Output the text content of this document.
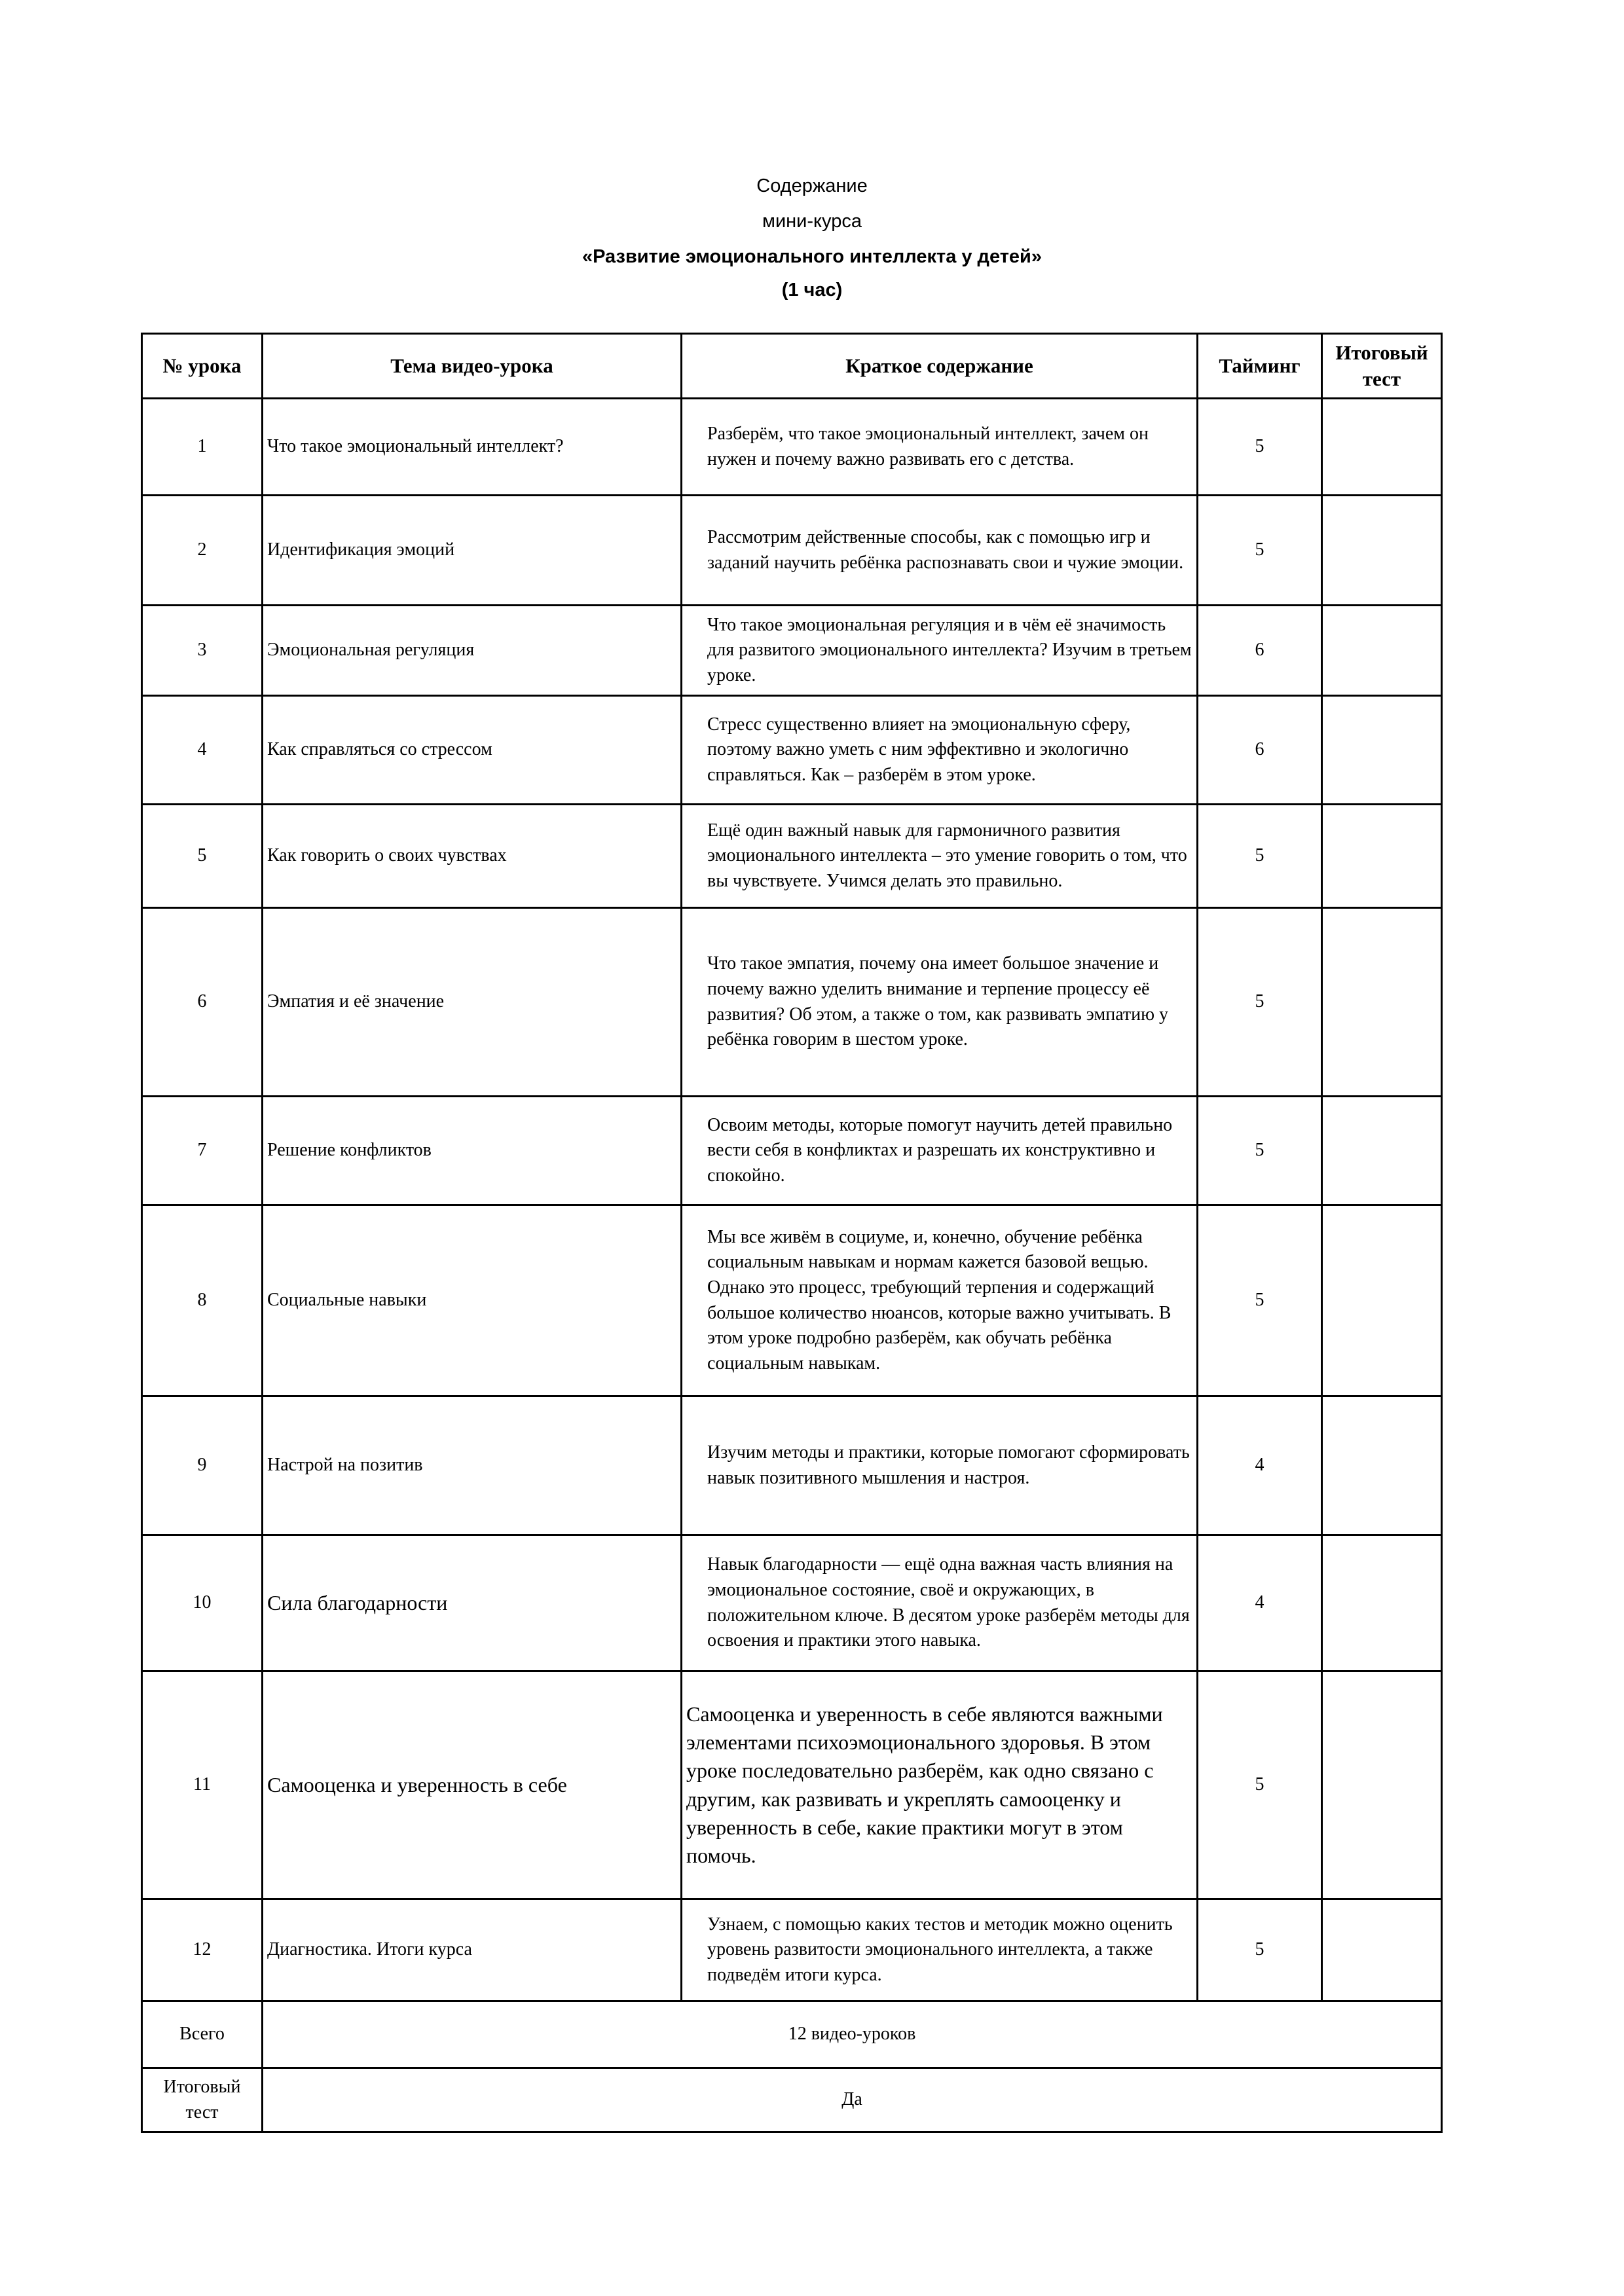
Содержание
мини-курса
«Развитие эмоционального интеллекта у детей»
(1 час)
№ урока	Тема видео-урока	Краткое содержание	Тайминг	Итоговый тест
1	Что такое эмоциональный интеллект?	Разберём, что такое эмоциональный интеллект, зачем он нужен и почему важно развивать его с детства.	5	
2	Идентификация эмоций	Рассмотрим действенные способы, как с помощью игр и заданий научить ребёнка распознавать свои и чужие эмоции.	5	
3	Эмоциональная регуляция	Что такое эмоциональная регуляция и в чём её значимость для развитого эмоционального интеллекта? Изучим в третьем уроке.	6	
4	Как справляться со стрессом	Стресс существенно влияет на эмоциональную сферу, поэтому важно уметь с ним эффективно и экологично справляться. Как – разберём в этом уроке.	6	
5	Как говорить о своих чувствах	Ещё один важный навык для гармоничного развития эмоционального интеллекта – это умение говорить о том, что вы чувствуете. Учимся делать это правильно.	5	
6	Эмпатия и её значение	Что такое эмпатия, почему она имеет большое значение и почему важно уделить внимание и терпение процессу её развития? Об этом, а также о том, как развивать эмпатию у ребёнка говорим в шестом уроке.	5	
7	Решение конфликтов	Освоим методы, которые помогут научить детей правильно вести себя в конфликтах и разрешать их конструктивно и спокойно.	5	
8	Социальные навыки	Мы все живём в социуме, и, конечно, обучение ребёнка социальным навыкам и нормам кажется базовой вещью. Однако это процесс, требующий терпения и содержащий большое количество нюансов, которые важно учитывать. В этом уроке подробно разберём, как обучать ребёнка социальным навыкам.	5	
9	Настрой на позитив	Изучим методы и практики, которые помогают сформировать навык позитивного мышления и настроя.	4	
10	Сила благодарности	Навык благодарности — ещё одна важная часть влияния на эмоциональное состояние, своё и окружающих, в положительном ключе. В десятом уроке разберём методы для освоения и практики этого навыка.	4	
11	Самооценка и уверенность в себе	Самооценка и уверенность в себе являются важными элементами психоэмоционального здоровья. В этом уроке последовательно разберём, как одно связано с другим, как развивать и укреплять самооценку и уверенность в себе, какие практики могут в этом помочь.	5	
12	Диагностика. Итоги курса	Узнаем, с помощью каких тестов и методик можно оценить уровень развитости эмоционального интеллекта, а также подведём итоги курса.	5	
Всего	12 видео-уроков			
Итоговый тест	Да			
